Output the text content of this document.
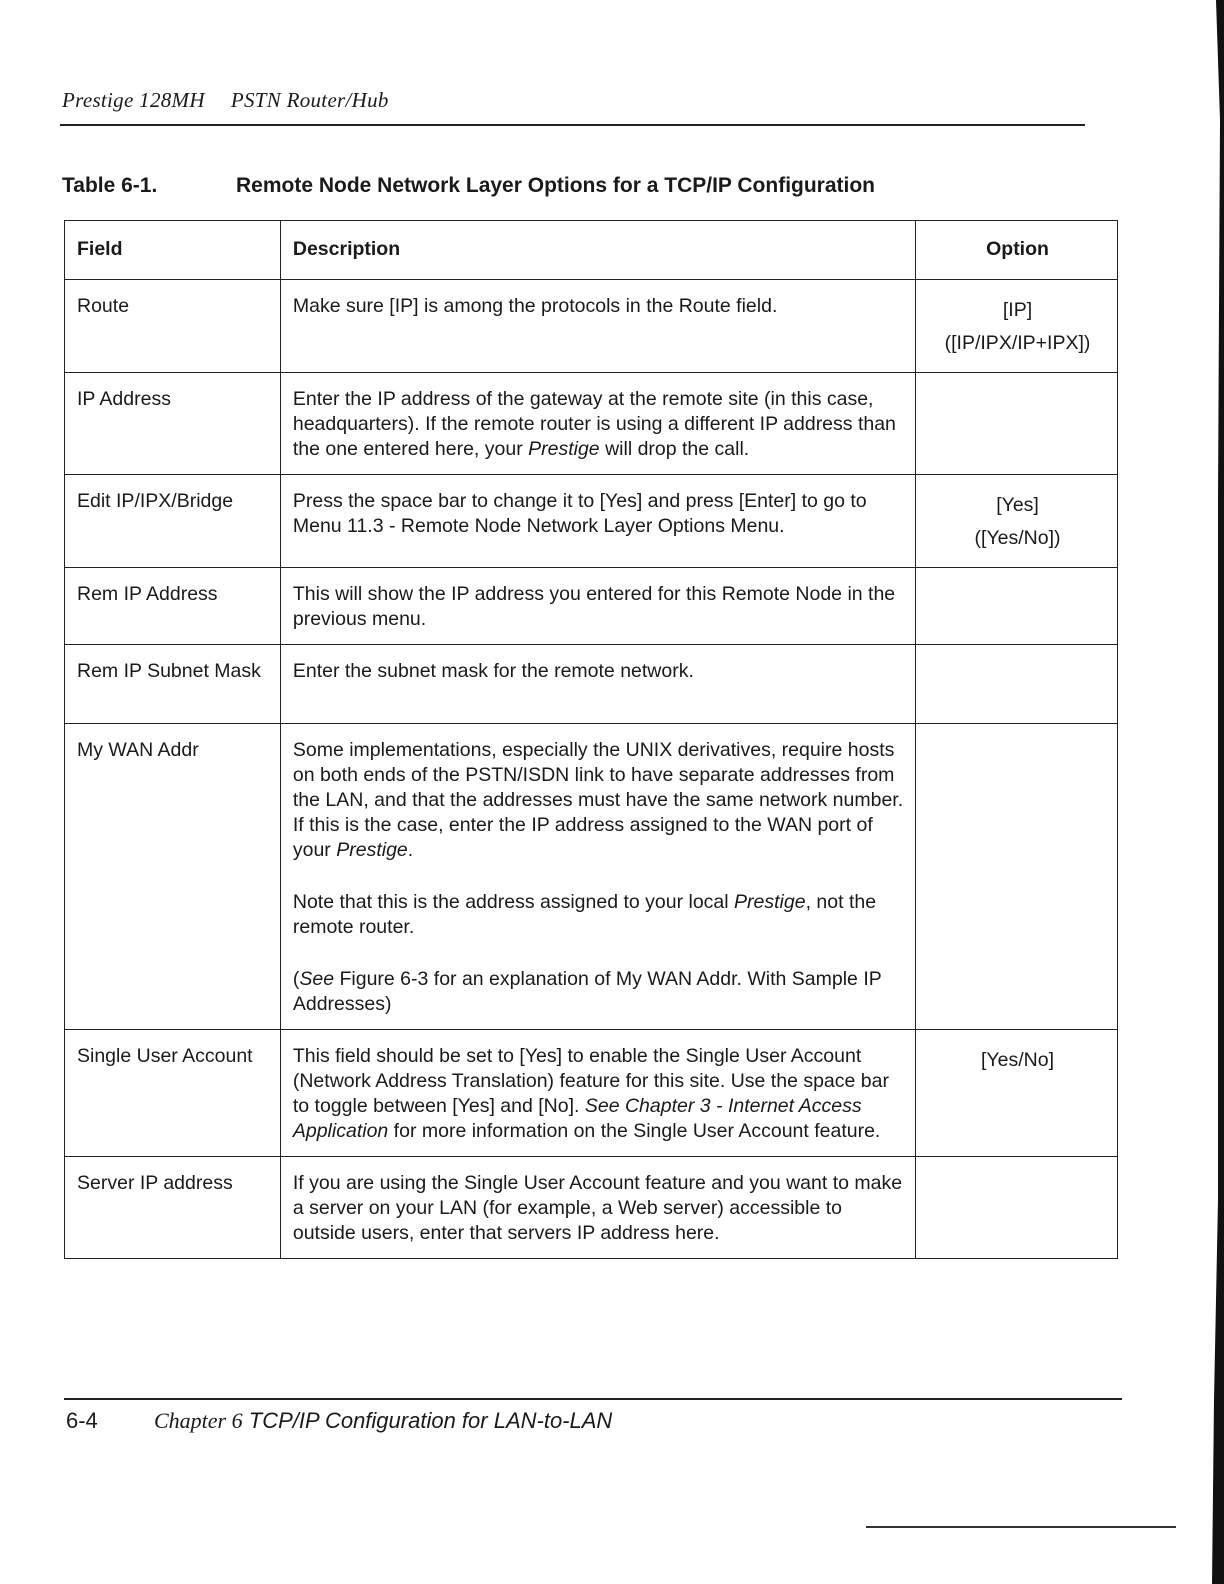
Prestige 128MH PSTN Router/Hub
Table 6-1.	Remote Node Network Layer Options for a TCP/IP Configuration
Field	Description	Option
Route	Make sure [IP] is among the protocols in the Route field.	[IP]
([IP/IPX/IP+IPX])

IP Address	Enter the IP address of the gateway at the remote site (in this case, headquarters). If the remote router is using a different IP address than the one entered here, your Prestige will drop the call.	
Edit IP/IPX/Bridge	Press the space bar to change it to [Yes] and press [Enter] to go to Menu 11.3 - Remote Node Network Layer Options Menu.	[Yes]
([Yes/No])

Rem IP Address	This will show the IP address you entered for this Remote Node in the previous menu.	
Rem IP Subnet Mask	Enter the subnet mask for the remote network.	
My WAN Addr	Some implementations, especially the UNIX derivatives, require hosts on both ends of the PSTN/ISDN link to have separate addresses from the LAN, and that the addresses must have the same network number. If this is the case, enter the IP address assigned to the WAN port of your Prestige.

Note that this is the address assigned to your local Prestige, not the remote router.

(See Figure 6-3 for an explanation of My WAN Addr. With Sample IP Addresses)	

Single User Account	This field should be set to [Yes] to enable the Single User Account (Network Address Translation) feature for this site. Use the space bar to toggle between [Yes] and [No]. See Chapter 3 - Internet Access Application for more information on the Single User Account feature.	[Yes/No]

Server IP address	If you are using the Single User Account feature and you want to make a server on your LAN (for example, a Web server) accessible to outside users, enter that servers IP address here.	
6-4	Chapter 6 TCP/IP Configuration for LAN-to-LAN
